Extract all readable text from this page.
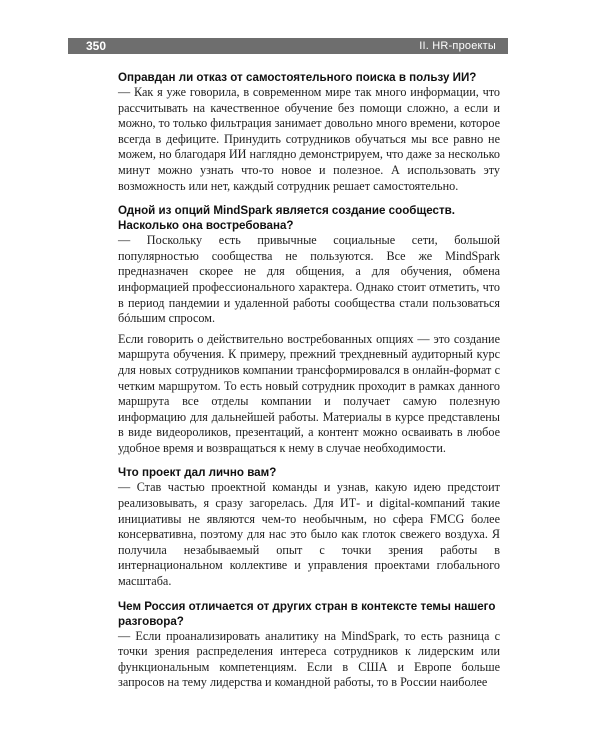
350	II. HR-проекты

Оправдан ли отказ от самостоятельного поиска в пользу ИИ?

— Как я уже говорила, в современном мире так много информации, что рассчитывать на качественное обучение без помощи сложно, а если и можно, то только фильтрация занимает довольно много времени, которое всегда в дефиците. Принудить сотрудников обучаться мы все равно не можем, но благодаря ИИ наглядно демонстрируем, что даже за несколько минут можно узнать что-то новое и полезное. А использовать эту возможность или нет, каждый сотрудник решает самостоятельно.

Одной из опций MindSpark является создание сообществ. Насколько она востребована?

— Поскольку есть привычные социальные сети, большой популярностью сообщества не пользуются. Все же MindSpark предназначен скорее не для общения, а для обучения, обмена информацией профессионального характера. Однако стоит отметить, что в период пандемии и удаленной работы сообщества стали пользоваться бóльшим спросом.

Если говорить о действительно востребованных опциях — это создание маршрута обучения. К примеру, прежний трехдневный аудиторный курс для новых сотрудников компании трансформировался в онлайн-формат с четким маршрутом. То есть новый сотрудник проходит в рамках данного маршрута все отделы компании и получает самую полезную информацию для дальнейшей работы. Материалы в курсе представлены в виде видеороликов, презентаций, а контент можно осваивать в любое удобное время и возвращаться к нему в случае необходимости.

Что проект дал лично вам?

— Став частью проектной команды и узнав, какую идею предстоит реализовывать, я сразу загорелась. Для ИТ- и digital-компаний такие инициативы не являются чем-то необычным, но сфера FMCG более консервативна, поэтому для нас это было как глоток свежего воздуха. Я получила незабываемый опыт с точки зрения работы в интернациональном коллективе и управления проектами глобального масштаба.

Чем Россия отличается от других стран в контексте темы нашего разговора?

— Если проанализировать аналитику на MindSpark, то есть разница с точки зрения распределения интереса сотрудников к лидерским или функциональным компетенциям. Если в США и Европе больше запросов на тему лидерства и командной работы, то в России наиболее
